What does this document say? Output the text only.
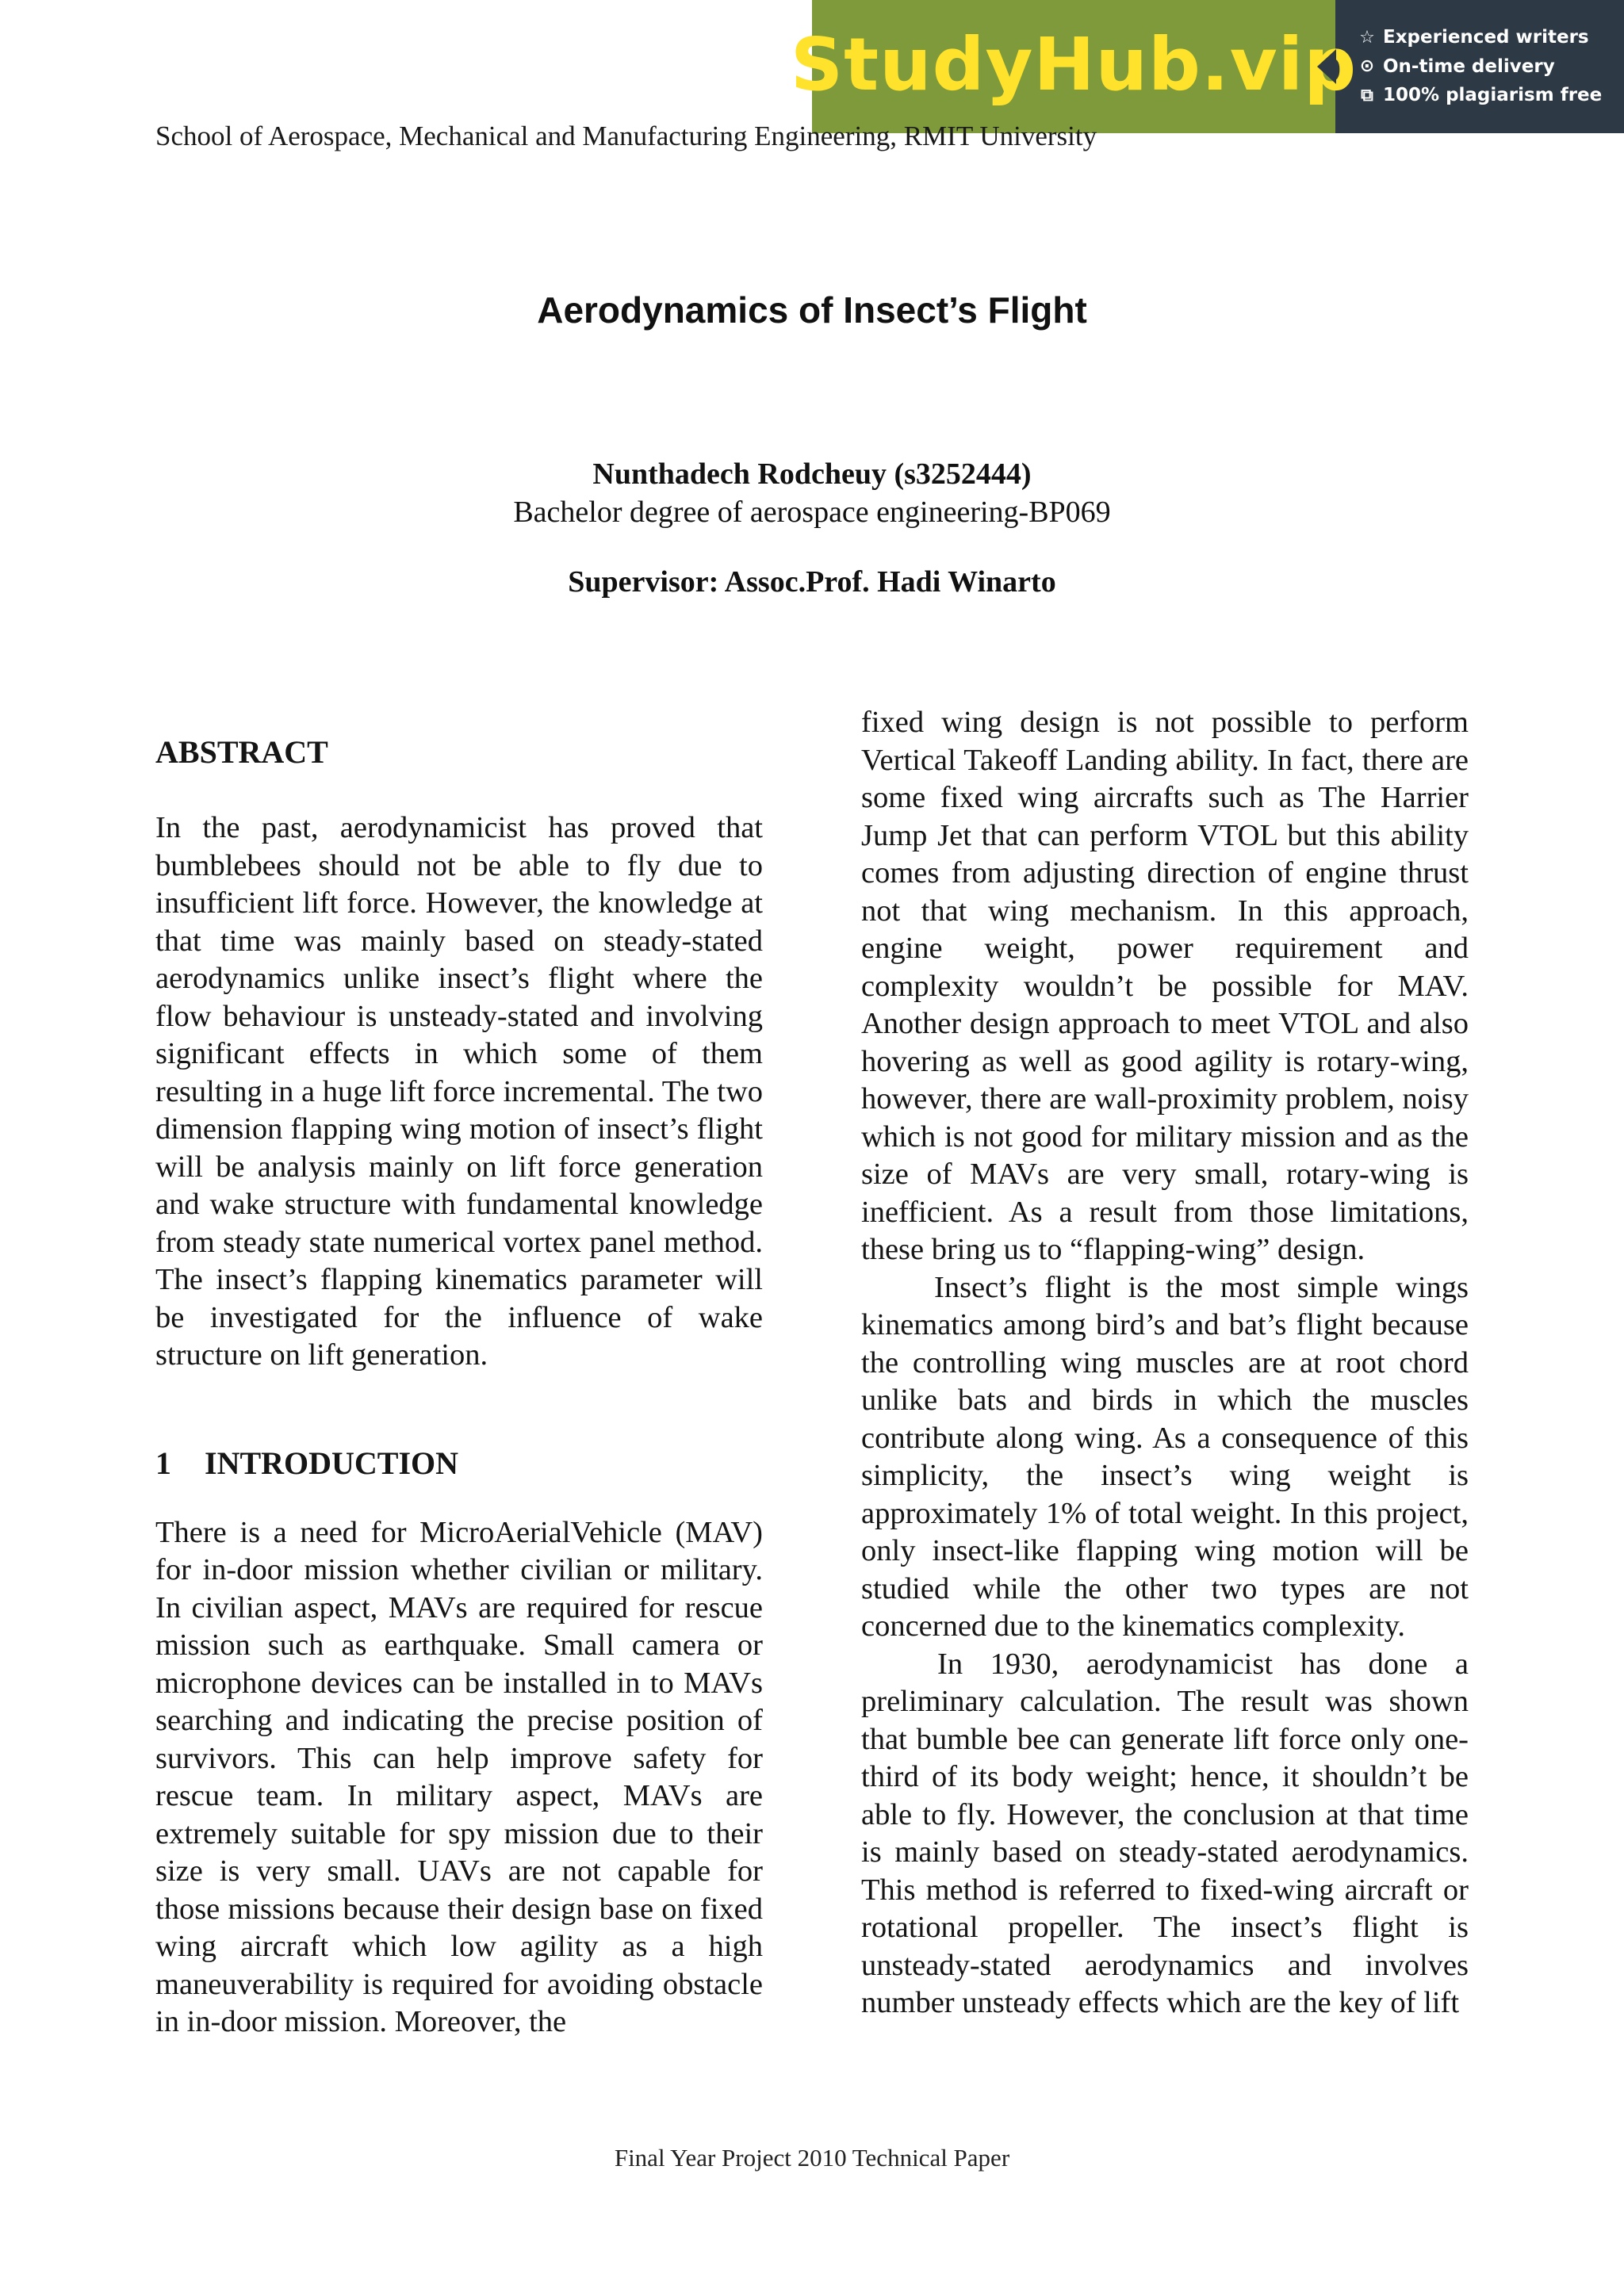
StudyHub.vip ☆ Experienced writers
⊙ On-time delivery
⧉ 100% plagiarism free
School of Aerospace, Mechanical and Manufacturing Engineering, RMIT University
Aerodynamics of Insect’s Flight
Nunthadech Rodcheuy (s3252444)
Bachelor degree of aerospace engineering-BP069
Supervisor: Assoc.Prof. Hadi Winarto

ABSTRACT

In the past, aerodynamicist has proved that bumblebees should not be able to fly due to insufficient lift force. However, the knowledge at that time was mainly based on steady-stated aerodynamics unlike insect’s flight where the flow behaviour is unsteady-stated and involving significant effects in which some of them resulting in a huge lift force incremental. The two dimension flapping wing motion of insect’s flight will be analysis mainly on lift force generation and wake structure with fundamental knowledge from steady state numerical vortex panel method. The insect’s flapping kinematics parameter will be investigated for the influence of wake structure on lift generation.

1 INTRODUCTION

There is a need for MicroAerialVehicle (MAV) for in-door mission whether civilian or military. In civilian aspect, MAVs are required for rescue mission such as earthquake. Small camera or microphone devices can be installed in to MAVs searching and indicating the precise position of survivors. This can help improve safety for rescue team. In military aspect, MAVs are extremely suitable for spy mission due to their size is very small. UAVs are not capable for those missions because their design base on fixed wing aircraft which low agility as a high maneuverability is required for avoiding obstacle in in-door mission. Moreover, the

fixed wing design is not possible to perform Vertical Takeoff Landing ability. In fact, there are some fixed wing aircrafts such as The Harrier Jump Jet that can perform VTOL but this ability comes from adjusting direction of engine thrust not that wing mechanism. In this approach, engine weight, power requirement and complexity wouldn’t be possible for MAV. Another design approach to meet VTOL and also hovering as well as good agility is rotary-wing, however, there are wall-proximity problem, noisy which is not good for military mission and as the size of MAVs are very small, rotary-wing is inefficient. As a result from those limitations, these bring us to “flapping-wing” design.

Insect’s flight is the most simple wings kinematics among bird’s and bat’s flight because the controlling wing muscles are at root chord unlike bats and birds in which the muscles contribute along wing. As a consequence of this simplicity, the insect’s wing weight is approximately 1% of total weight. In this project, only insect-like flapping wing motion will be studied while the other two types are not concerned due to the kinematics complexity.

In 1930, aerodynamicist has done a preliminary calculation. The result was shown that bumble bee can generate lift force only one-third of its body weight; hence, it shouldn’t be able to fly. However, the conclusion at that time is mainly based on steady-stated aerodynamics. This method is referred to fixed-wing aircraft or rotational propeller. The insect’s flight is unsteady-stated aerodynamics and involves number unsteady effects which are the key of lift

Final Year Project 2010 Technical Paper
